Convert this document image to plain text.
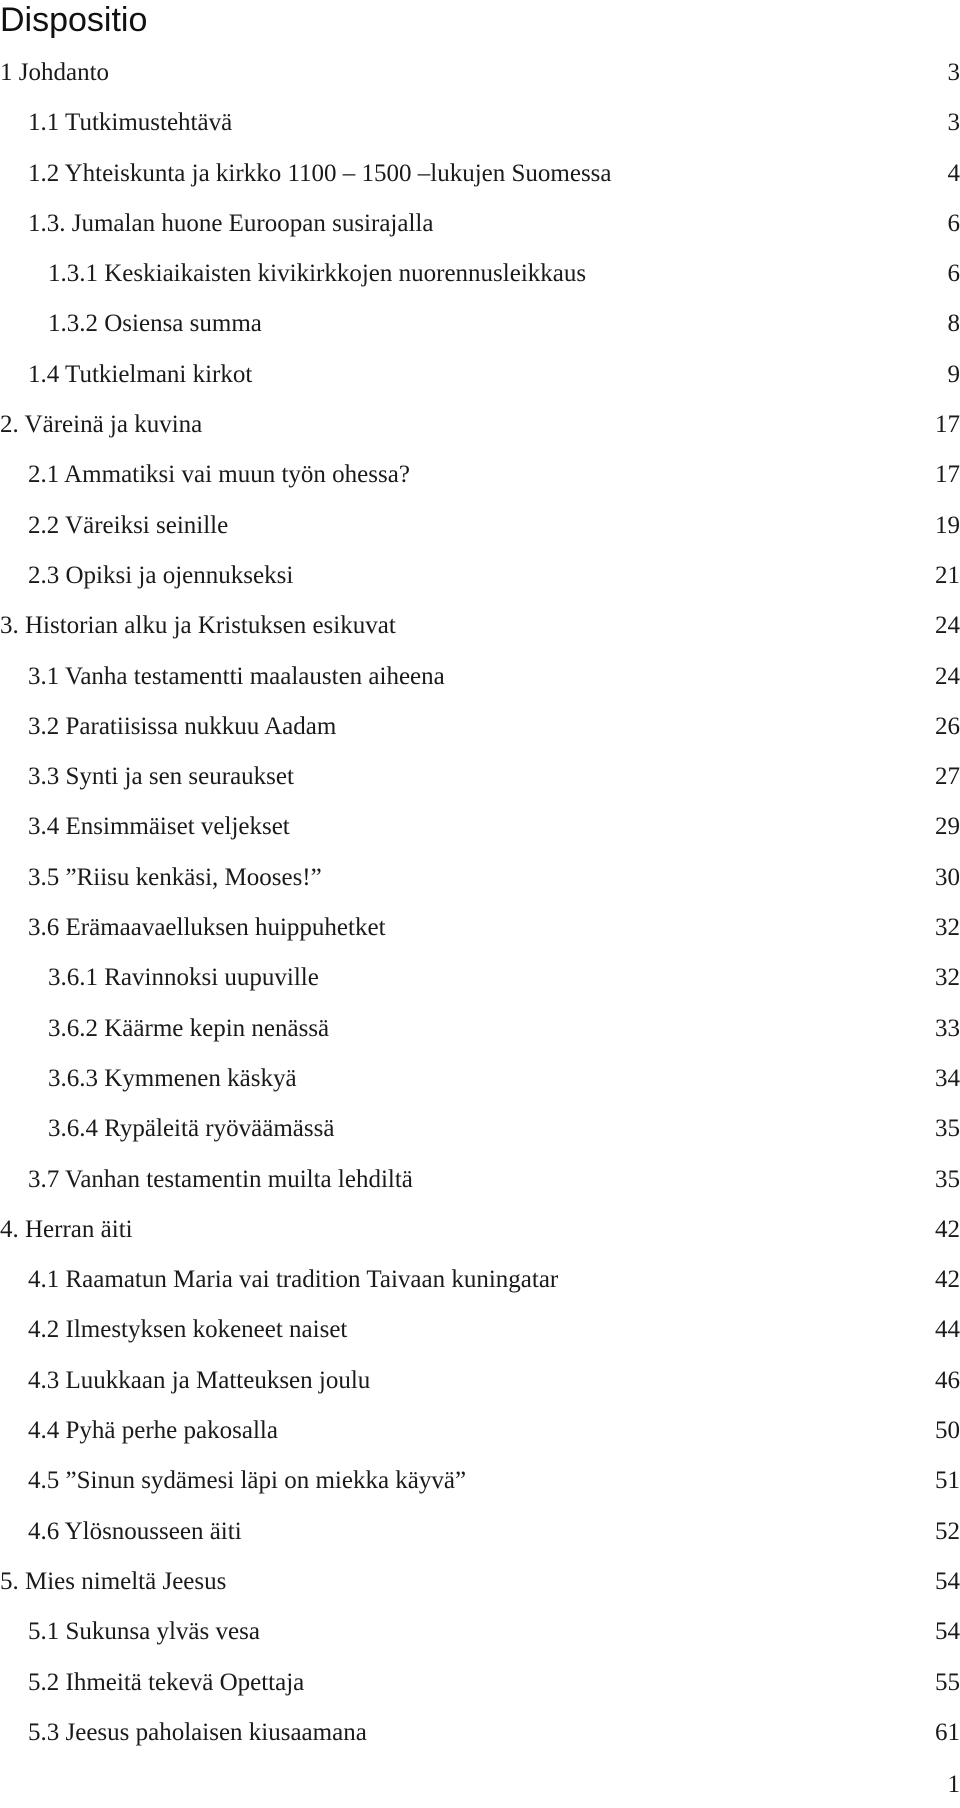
Dispositio
1 Johdanto	3
1.1 Tutkimustehtävä	3
1.2 Yhteiskunta ja kirkko 1100 – 1500 –lukujen Suomessa	4
1.3. Jumalan huone Euroopan susirajalla	6
1.3.1 Keskiaikaisten kivikirkkojen nuorennusleikkaus	6
1.3.2 Osiensa summa	8
1.4 Tutkielmani kirkot	9
2. Väreinä ja kuvina	17
2.1 Ammatiksi vai muun työn ohessa?	17
2.2 Väreiksi seinille	19
2.3 Opiksi ja ojennukseksi	21
3. Historian alku ja Kristuksen esikuvat	24
3.1 Vanha testamentti maalausten aiheena	24
3.2 Paratiisissa nukkuu Aadam	26
3.3 Synti ja sen seuraukset	27
3.4 Ensimmäiset veljekset	29
3.5 ”Riisu kenkäsi, Mooses!”	30
3.6 Erämaavaelluksen huippuhetket	32
3.6.1 Ravinnoksi uupuville	32
3.6.2 Käärme kepin nenässä	33
3.6.3 Kymmenen käskyä	34
3.6.4 Rypäleitä ryöväämässä	35
3.7 Vanhan testamentin muilta lehdiltä	35
4. Herran äiti	42
4.1 Raamatun Maria vai tradition Taivaan kuningatar	42
4.2 Ilmestyksen kokeneet naiset	44
4.3 Luukkaan ja Matteuksen joulu	46
4.4 Pyhä perhe pakosalla	50
4.5 ”Sinun sydämesi läpi on miekka käyvä”	51
4.6 Ylösnousseen äiti	52
5. Mies nimeltä Jeesus	54
5.1 Sukunsa ylväs vesa	54
5.2 Ihmeitä tekevä Opettaja	55
5.3 Jeesus paholaisen kiusaamana	61
1
